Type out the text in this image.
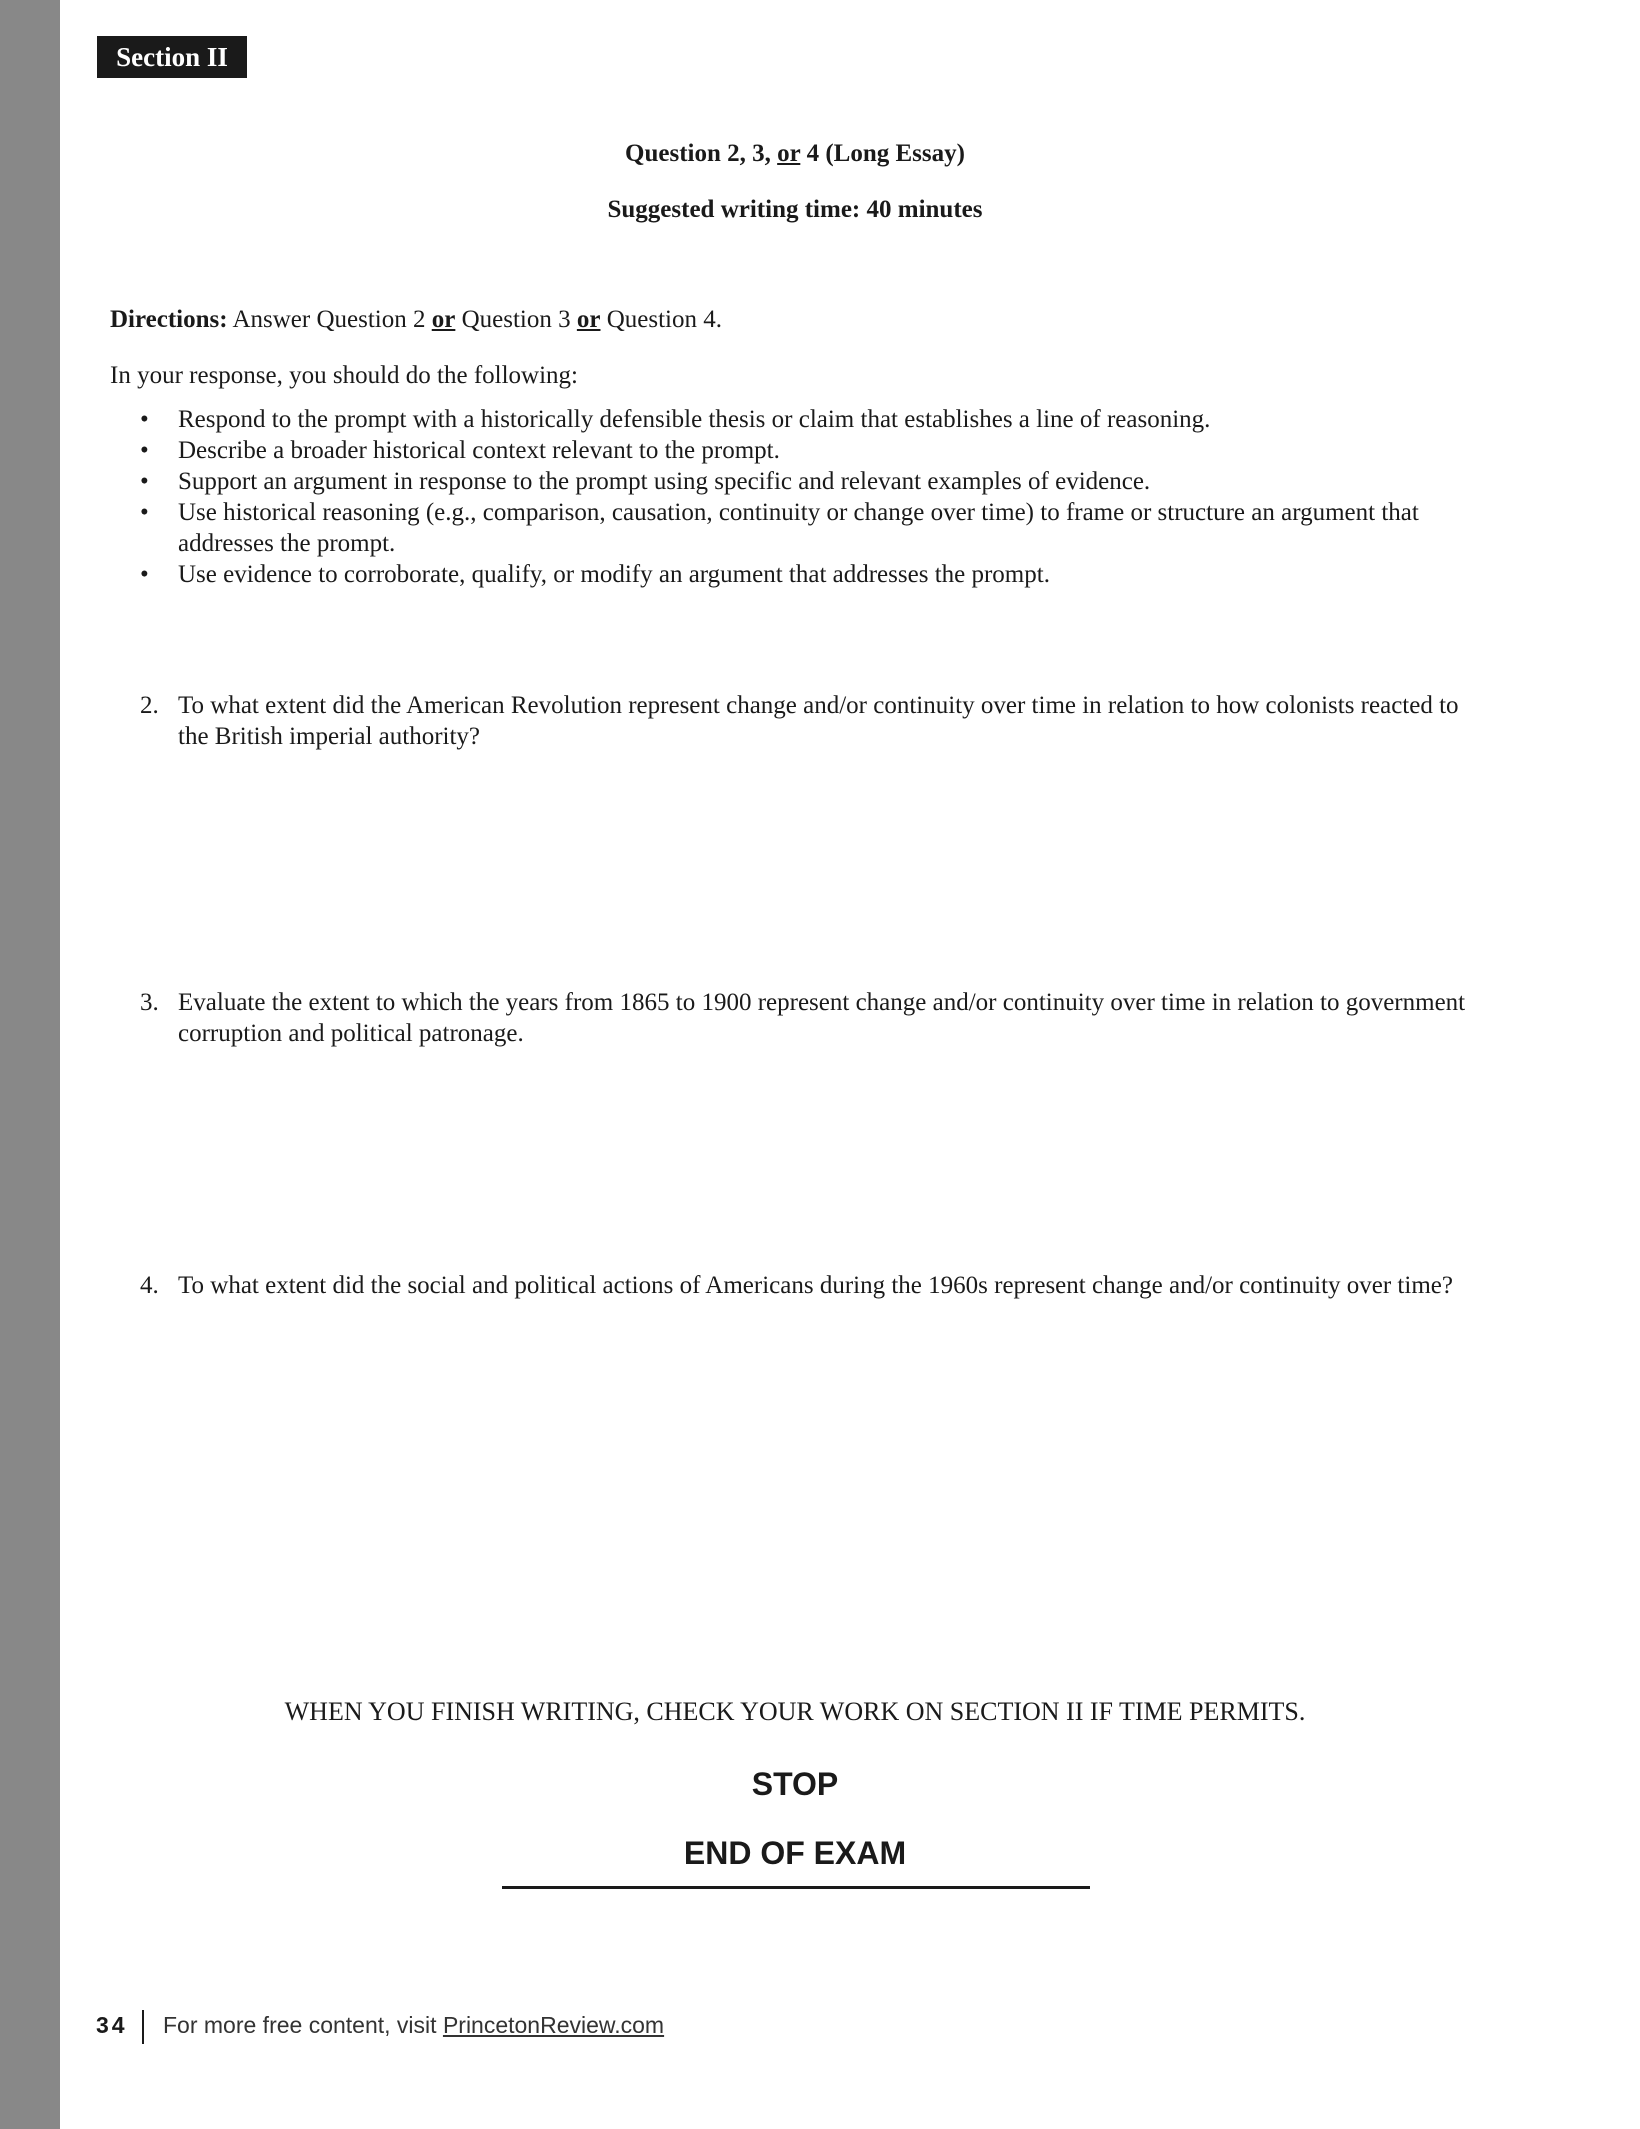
Section II
Question 2, 3, or 4 (Long Essay)
Suggested writing time: 40 minutes
Directions: Answer Question 2 or Question 3 or Question 4.
In your response, you should do the following:
• Respond to the prompt with a historically defensible thesis or claim that establishes a line of reasoning.
• Describe a broader historical context relevant to the prompt.
• Support an argument in response to the prompt using specific and relevant examples of evidence.
• Use historical reasoning (e.g., comparison, causation, continuity or change over time) to frame or structure an argument that addresses the prompt.
• Use evidence to corroborate, qualify, or modify an argument that addresses the prompt.
2. To what extent did the American Revolution represent change and/or continuity over time in relation to how colonists reacted to the British imperial authority?
3. Evaluate the extent to which the years from 1865 to 1900 represent change and/or continuity over time in relation to government corruption and political patronage.
4. To what extent did the social and political actions of Americans during the 1960s represent change and/or continuity over time?
WHEN YOU FINISH WRITING, CHECK YOUR WORK ON SECTION II IF TIME PERMITS.
STOP
END OF EXAM
34 For more free content, visit PrincetonReview.com
